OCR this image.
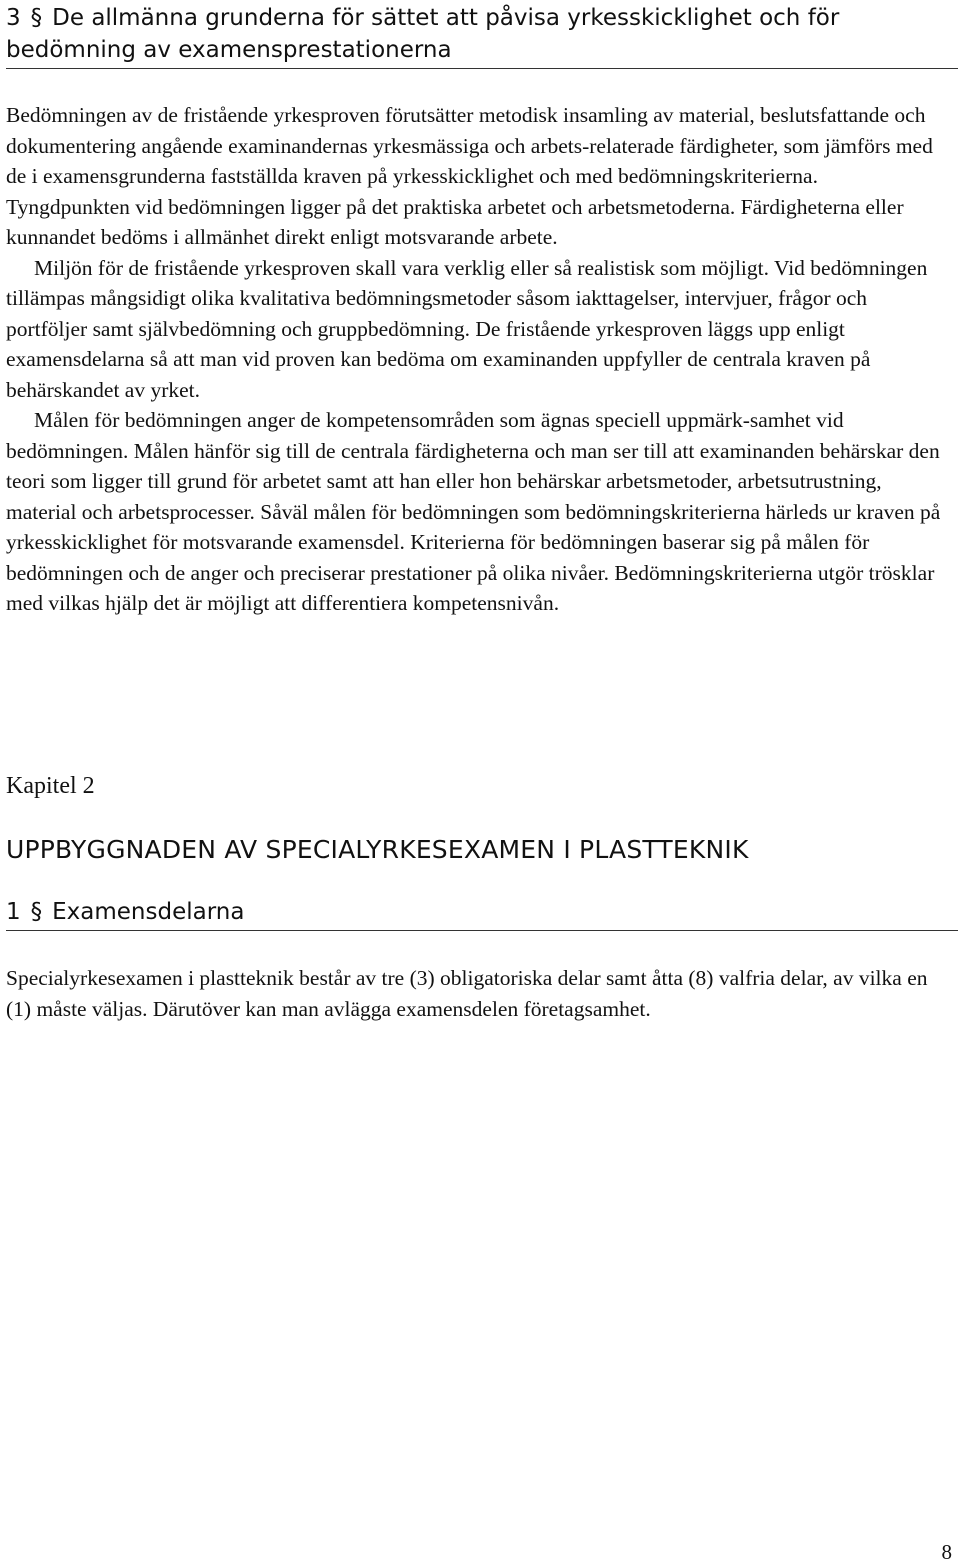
3 § De allmänna grunderna för sättet att påvisa yrkesskicklighet och för
bedömning av examensprestationerna

Bedömningen av de fristående yrkesproven förutsätter metodisk insamling av material, beslutsfattande och dokumentering angående examinandernas yrkesmässiga och arbets-relaterade färdigheter, som jämförs med de i examensgrunderna fastställda kraven på yrkesskicklighet och med bedömningskriterierna. Tyngdpunkten vid bedömningen ligger på det praktiska arbetet och arbetsmetoderna. Färdigheterna eller kunnandet bedöms i allmänhet direkt enligt motsvarande arbete.

Miljön för de fristående yrkesproven skall vara verklig eller så realistisk som möjligt. Vid bedömningen tillämpas mångsidigt olika kvalitativa bedömningsmetoder såsom iakttagelser, intervjuer, frågor och portföljer samt självbedömning och gruppbedömning. De fristående yrkesproven läggs upp enligt examensdelarna så att man vid proven kan bedöma om examinanden uppfyller de centrala kraven på behärskandet av yrket.

Målen för bedömningen anger de kompetensområden som ägnas speciell uppmärk-samhet vid bedömningen. Målen hänför sig till de centrala färdigheterna och man ser till att examinanden behärskar den teori som ligger till grund för arbetet samt att han eller hon behärskar arbetsmetoder, arbetsutrustning, material och arbetsprocesser. Såväl målen för bedömningen som bedömningskriterierna härleds ur kraven på yrkesskicklighet för motsvarande examensdel. Kriterierna för bedömningen baserar sig på målen för bedömningen och de anger och preciserar prestationer på olika nivåer. Bedömningskriterierna utgör trösklar med vilkas hjälp det är möjligt att differentiera kompetensnivån.

Kapitel 2
UPPBYGGNADEN AV SPECIALYRKESEXAMEN I PLASTTEKNIK
1 § Examensdelarna

Specialyrkesexamen i plastteknik består av tre (3) obligatoriska delar samt åtta (8) valfria delar, av vilka en (1) måste väljas. Därutöver kan man avlägga examensdelen företagsamhet.

8
